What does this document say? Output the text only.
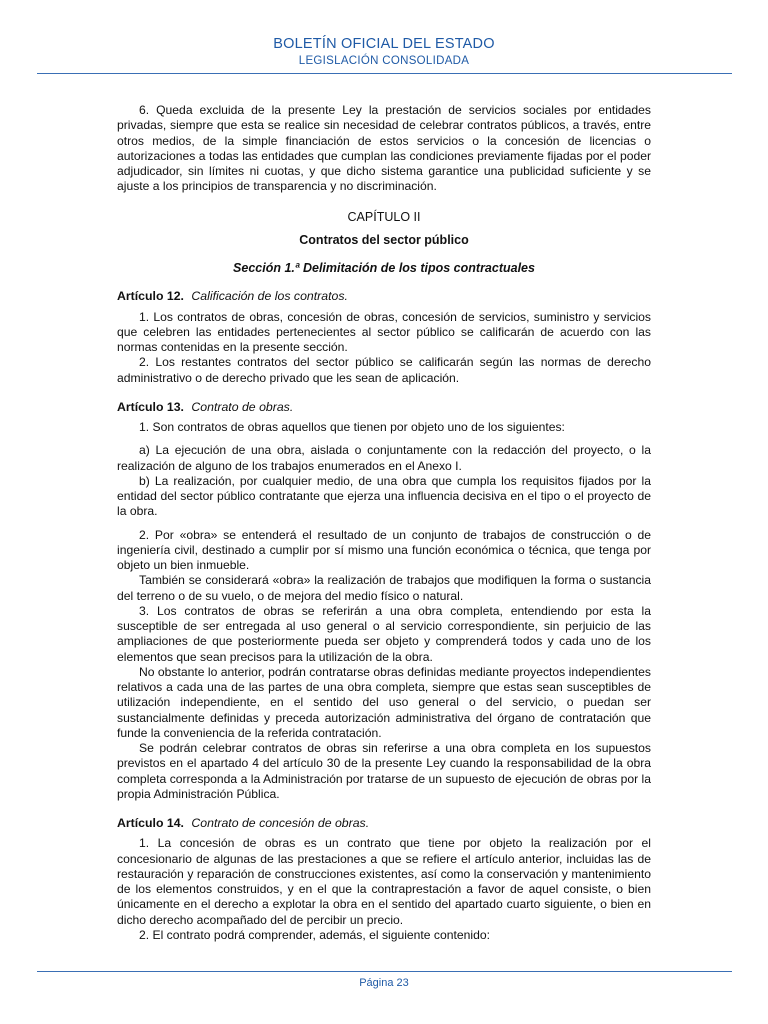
BOLETÍN OFICIAL DEL ESTADO
LEGISLACIÓN CONSOLIDADA

6. Queda excluida de la presente Ley la prestación de servicios sociales por entidades privadas, siempre que esta se realice sin necesidad de celebrar contratos públicos, a través, entre otros medios, de la simple financiación de estos servicios o la concesión de licencias o autorizaciones a todas las entidades que cumplan las condiciones previamente fijadas por el poder adjudicador, sin límites ni cuotas, y que dicho sistema garantice una publicidad suficiente y se ajuste a los principios de transparencia y no discriminación.

CAPÍTULO II

Contratos del sector público

Sección 1.ª Delimitación de los tipos contractuales

Artículo 12. Calificación de los contratos.

1. Los contratos de obras, concesión de obras, concesión de servicios, suministro y servicios que celebren las entidades pertenecientes al sector público se calificarán de acuerdo con las normas contenidas en la presente sección.

2. Los restantes contratos del sector público se calificarán según las normas de derecho administrativo o de derecho privado que les sean de aplicación.

Artículo 13. Contrato de obras.

1. Son contratos de obras aquellos que tienen por objeto uno de los siguientes:

a) La ejecución de una obra, aislada o conjuntamente con la redacción del proyecto, o la realización de alguno de los trabajos enumerados en el Anexo I.

b) La realización, por cualquier medio, de una obra que cumpla los requisitos fijados por la entidad del sector público contratante que ejerza una influencia decisiva en el tipo o el proyecto de la obra.

2. Por «obra» se entenderá el resultado de un conjunto de trabajos de construcción o de ingeniería civil, destinado a cumplir por sí mismo una función económica o técnica, que tenga por objeto un bien inmueble.

También se considerará «obra» la realización de trabajos que modifiquen la forma o sustancia del terreno o de su vuelo, o de mejora del medio físico o natural.

3. Los contratos de obras se referirán a una obra completa, entendiendo por esta la susceptible de ser entregada al uso general o al servicio correspondiente, sin perjuicio de las ampliaciones de que posteriormente pueda ser objeto y comprenderá todos y cada uno de los elementos que sean precisos para la utilización de la obra.

No obstante lo anterior, podrán contratarse obras definidas mediante proyectos independientes relativos a cada una de las partes de una obra completa, siempre que estas sean susceptibles de utilización independiente, en el sentido del uso general o del servicio, o puedan ser sustancialmente definidas y preceda autorización administrativa del órgano de contratación que funde la conveniencia de la referida contratación.

Se podrán celebrar contratos de obras sin referirse a una obra completa en los supuestos previstos en el apartado 4 del artículo 30 de la presente Ley cuando la responsabilidad de la obra completa corresponda a la Administración por tratarse de un supuesto de ejecución de obras por la propia Administración Pública.

Artículo 14. Contrato de concesión de obras.

1. La concesión de obras es un contrato que tiene por objeto la realización por el concesionario de algunas de las prestaciones a que se refiere el artículo anterior, incluidas las de restauración y reparación de construcciones existentes, así como la conservación y mantenimiento de los elementos construidos, y en el que la contraprestación a favor de aquel consiste, o bien únicamente en el derecho a explotar la obra en el sentido del apartado cuarto siguiente, o bien en dicho derecho acompañado del de percibir un precio.

2. El contrato podrá comprender, además, el siguiente contenido:

Página 23
